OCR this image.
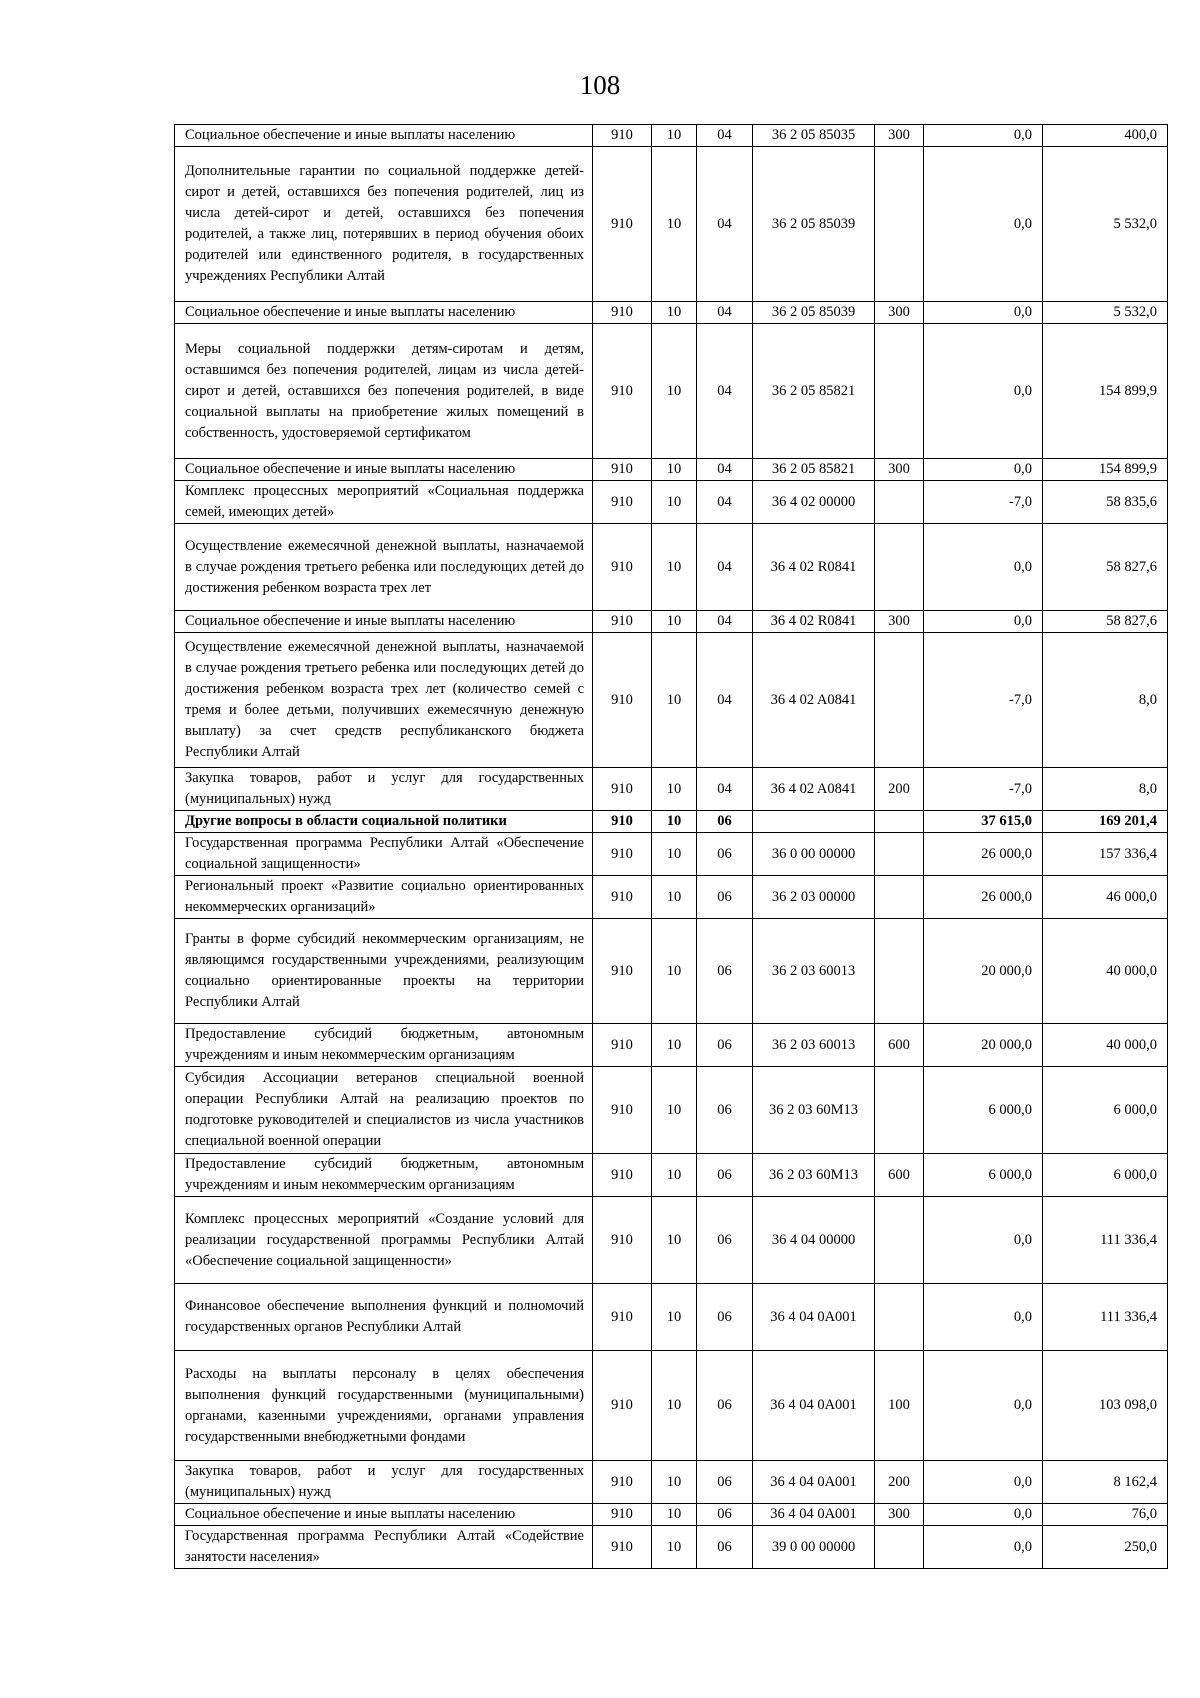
108
Социальное обеспечение и иные выплаты населению	910	10	04	36 2 05 85035	300	0,0	400,0
Дополнительные гарантии по социальной поддержке детей-сирот и детей, оставшихся без попечения родителей, лиц из числа детей-сирот и детей, оставшихся без попечения родителей, а также лиц, потерявших в период обучения обоих родителей или единственного родителя, в государственных учреждениях Республики Алтай	910	10	04	36 2 05 85039		0,0	5 532,0
Социальное обеспечение и иные выплаты населению	910	10	04	36 2 05 85039	300	0,0	5 532,0
Меры социальной поддержки детям-сиротам и детям, оставшимся без попечения родителей, лицам из числа детей-сирот и детей, оставшихся без попечения родителей, в виде социальной выплаты на приобретение жилых помещений в собственность, удостоверяемой сертификатом	910	10	04	36 2 05 85821		0,0	154 899,9
Социальное обеспечение и иные выплаты населению	910	10	04	36 2 05 85821	300	0,0	154 899,9
Комплекс процессных мероприятий «Социальная поддержка семей, имеющих детей»	910	10	04	36 4 02 00000		-7,0	58 835,6
Осуществление ежемесячной денежной выплаты, назначаемой в случае рождения третьего ребенка или последующих детей до достижения ребенком возраста трех лет	910	10	04	36 4 02 R0841		0,0	58 827,6
Социальное обеспечение и иные выплаты населению	910	10	04	36 4 02 R0841	300	0,0	58 827,6
Осуществление ежемесячной денежной выплаты, назначаемой в случае рождения третьего ребенка или последующих детей до достижения ребенком возраста трех лет (количество семей с тремя и более детьми, получивших ежемесячную денежную выплату) за счет средств республиканского бюджета Республики Алтай	910	10	04	36 4 02 A0841		-7,0	8,0
Закупка товаров, работ и услуг для государственных (муниципальных) нужд	910	10	04	36 4 02 A0841	200	-7,0	8,0
Другие вопросы в области социальной политики	910	10	06			37 615,0	169 201,4
Государственная программа Республики Алтай «Обеспечение социальной защищенности»	910	10	06	36 0 00 00000		26 000,0	157 336,4
Региональный проект «Развитие социально ориентированных некоммерческих организаций»	910	10	06	36 2 03 00000		26 000,0	46 000,0
Гранты в форме субсидий некоммерческим организациям, не являющимся государственными учреждениями, реализующим социально ориентированные проекты на территории Республики Алтай	910	10	06	36 2 03 60013		20 000,0	40 000,0
Предоставление субсидий бюджетным, автономным учреждениям и иным некоммерческим организациям	910	10	06	36 2 03 60013	600	20 000,0	40 000,0
Субсидия Ассоциации ветеранов специальной военной операции Республики Алтай на реализацию проектов по подготовке руководителей и специалистов из числа участников специальной военной операции	910	10	06	36 2 03 60M13		6 000,0	6 000,0
Предоставление субсидий бюджетным, автономным учреждениям и иным некоммерческим организациям	910	10	06	36 2 03 60M13	600	6 000,0	6 000,0
Комплекс процессных мероприятий «Создание условий для реализации государственной программы Республики Алтай «Обеспечение социальной защищенности»	910	10	06	36 4 04 00000		0,0	111 336,4
Финансовое обеспечение выполнения функций и полномочий государственных органов Республики Алтай	910	10	06	36 4 04 0A001		0,0	111 336,4
Расходы на выплаты персоналу в целях обеспечения выполнения функций государственными (муниципальными) органами, казенными учреждениями, органами управления государственными внебюджетными фондами	910	10	06	36 4 04 0A001	100	0,0	103 098,0
Закупка товаров, работ и услуг для государственных (муниципальных) нужд	910	10	06	36 4 04 0A001	200	0,0	8 162,4
Социальное обеспечение и иные выплаты населению	910	10	06	36 4 04 0A001	300	0,0	76,0
Государственная программа Республики Алтай «Содействие занятости населения»	910	10	06	39 0 00 00000		0,0	250,0
